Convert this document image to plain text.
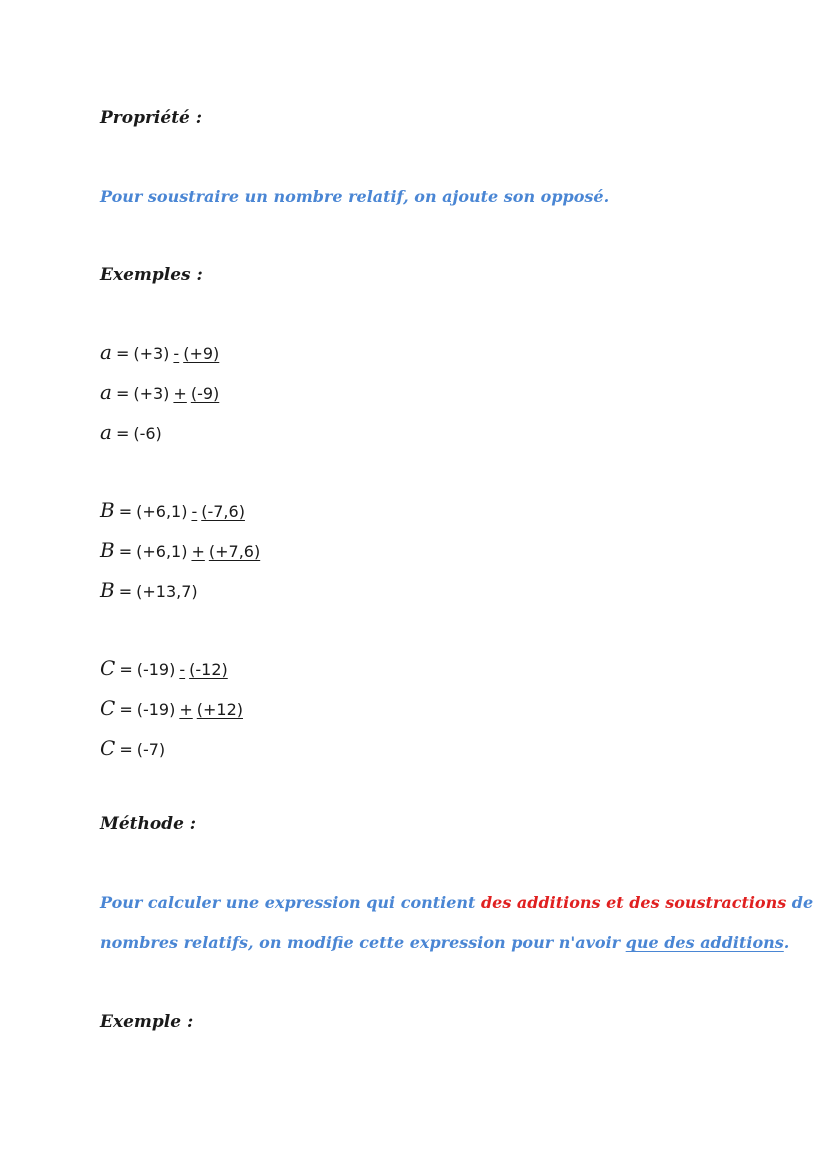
Propriété :
Pour soustraire un nombre relatif, on ajoute son opposé.
Exemples :
a = (+3) - (+9)
a = (+3) + (-9)
a = (-6)
B = (+6,1) - (-7,6)
B = (+6,1) + (+7,6)
B = (+13,7)
C = (-19) - (-12)
C = (-19) + (+12)
C = (-7)
Méthode :
Pour calculer une expression qui contient des additions et des soustractions de
nombres relatifs, on modifie cette expression pour n'avoir que des additions.
Exemple :
